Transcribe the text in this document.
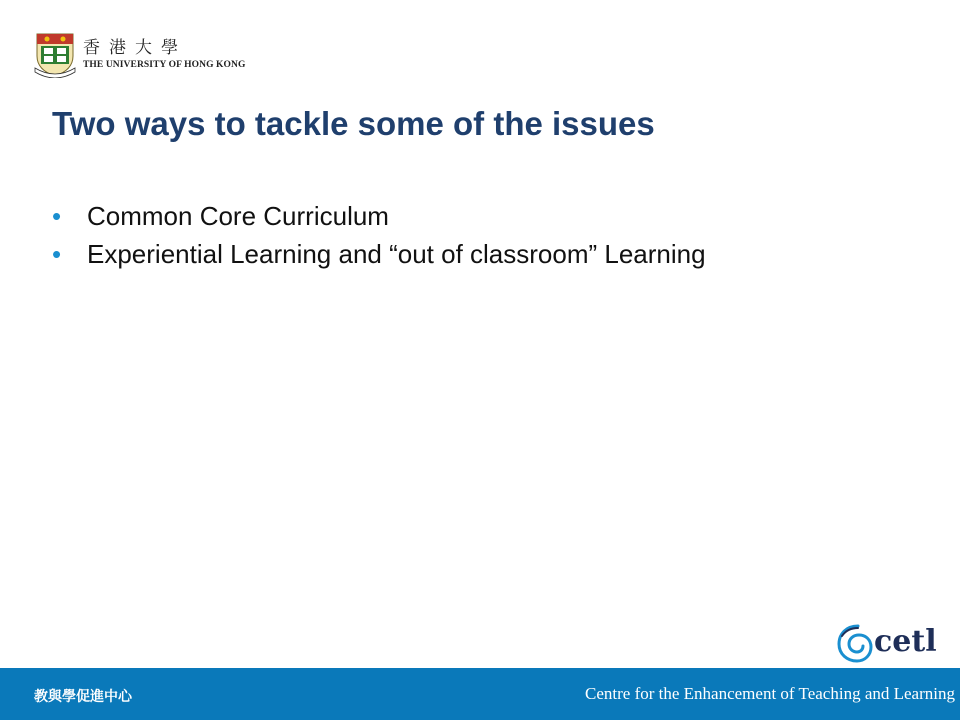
香港大學
THE UNIVERSITY OF HONG KONG
Two ways to tackle some of the issues
• Common Core Curriculum
• Experiential Learning and “out of classroom” Learning
cetl
教與學促進中心	Centre for the Enhancement of Teaching and Learning
